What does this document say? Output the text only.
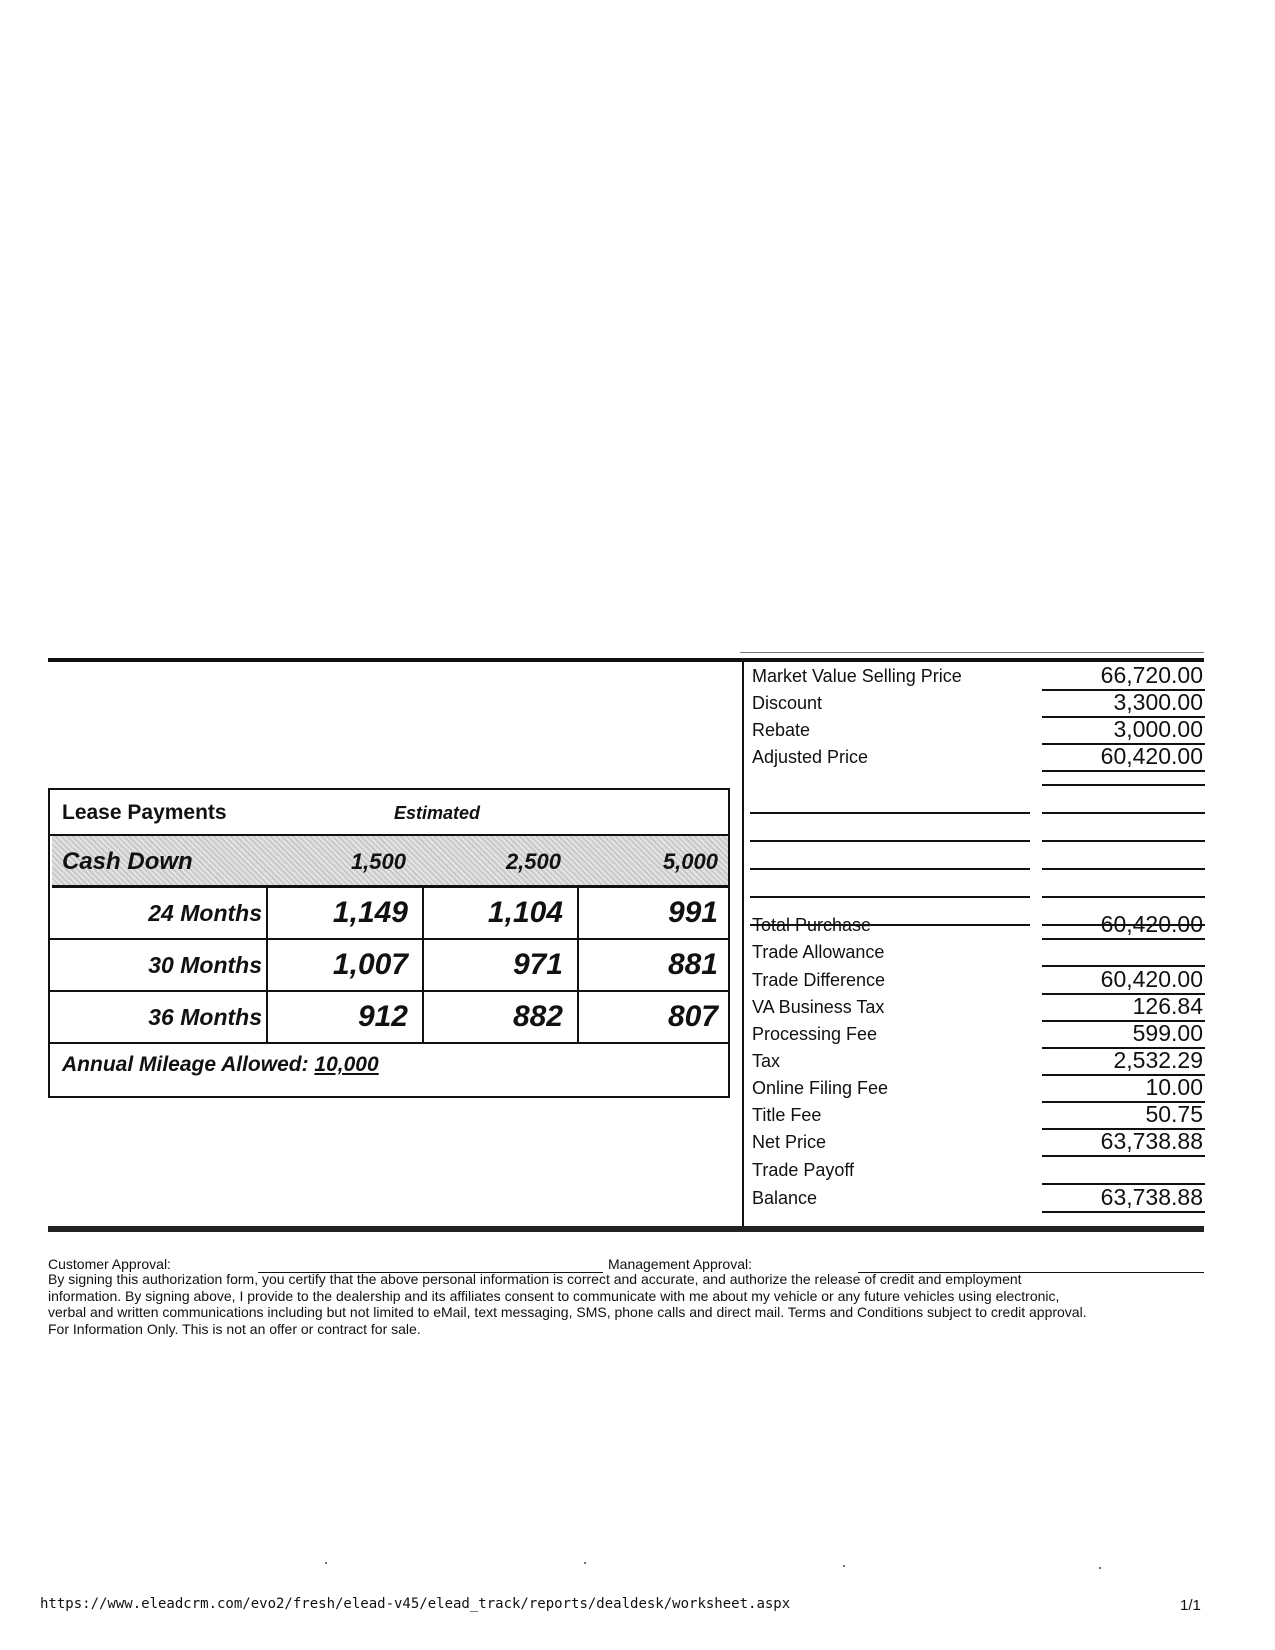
Market Value Selling Price	66,720.00
Discount	3,300.00
Rebate	3,000.00
Adjusted Price	60,420.00
Total Purchase	60,420.00
Trade Allowance
Trade Difference	60,420.00
VA Business Tax	126.84
Processing Fee	599.00
Tax	2,532.29
Online Filing Fee	10.00
Title Fee	50.75
Net Price	63,738.88
Trade Payoff
Balance	63,738.88
Lease Payments	Estimated
Cash Down	1,500	2,500	5,000
24 Months 1,149	1,104	991
30 Months 1,007	971	881
36 Months	912	882	807
Annual Mileage Allowed: 10,000
Customer Approval:	Management Approval:
By signing this authorization form, you certify that the above personal information is correct and accurate, and authorize the release of credit and employment
information. By signing above, I provide to the dealership and its affiliates consent to communicate with me about my vehicle or any future vehicles using electronic,
verbal and written communications including but not limited to eMail, text messaging, SMS, phone calls and direct mail. Terms and Conditions subject to credit approval.
For Information Only. This is not an offer or contract for sale.
https://www.eleadcrm.com/evo2/fresh/elead-v45/elead_track/reports/dealdesk/worksheet.aspx	1/1
